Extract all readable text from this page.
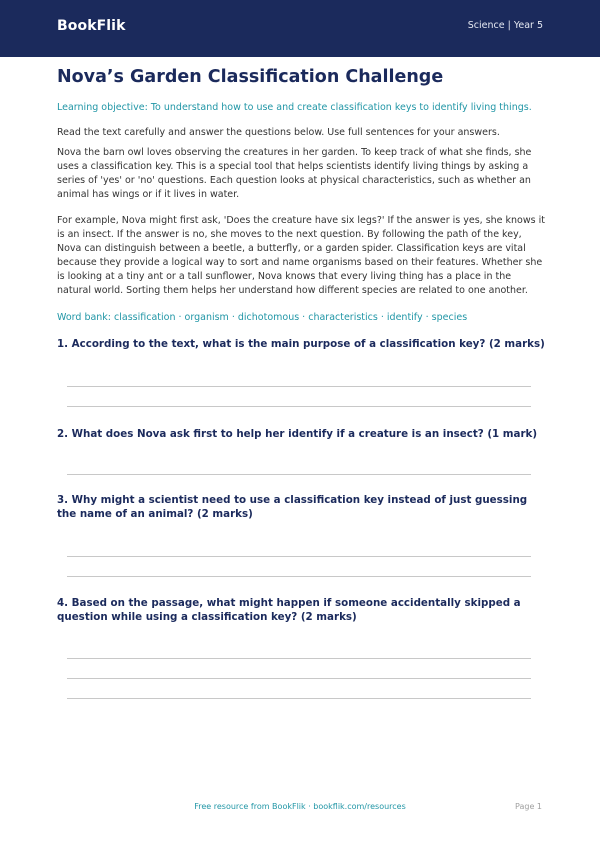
BookFlik	Science | Year 5
Nova’s Garden Classification Challenge
Learning objective: To understand how to use and create classification keys to identify living things.
Read the text carefully and answer the questions below. Use full sentences for your answers.

Nova the barn owl loves observing the creatures in her garden. To keep track of what she finds, she uses a classification key. This is a special tool that helps scientists identify living things by asking a series of 'yes' or 'no' questions. Each question looks at physical characteristics, such as whether an animal has wings or if it lives in water.

For example, Nova might first ask, 'Does the creature have six legs?' If the answer is yes, she knows it is an insect. If the answer is no, she moves to the next question. By following the path of the key, Nova can distinguish between a beetle, a butterfly, or a garden spider. Classification keys are vital because they provide a logical way to sort and name organisms based on their features. Whether she is looking at a tiny ant or a tall sunflower, Nova knows that every living thing has a place in the natural world. Sorting them helps her understand how different species are related to one another.

Word bank: classification · organism · dichotomous · characteristics · identify · species
1. According to the text, what is the main purpose of a classification key? (2 marks)
2. What does Nova ask first to help her identify if a creature is an insect? (1 mark)
3. Why might a scientist need to use a classification key instead of just guessing the name of an animal? (2 marks)
4. Based on the passage, what might happen if someone accidentally skipped a question while using a classification key? (2 marks)
Free resource from BookFlik · bookflik.com/resources	Page 1
